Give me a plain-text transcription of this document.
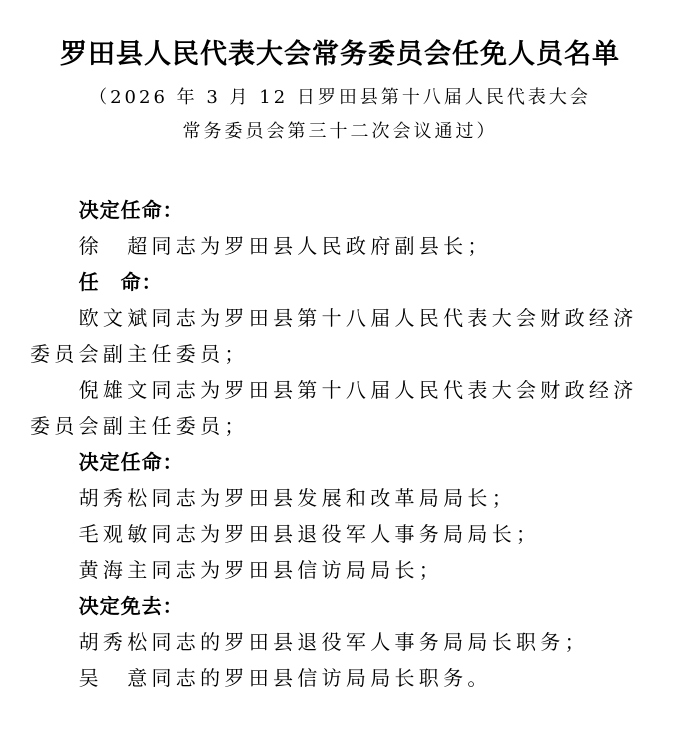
罗田县人民代表大会常务委员会任免人员名单
（2026 年 3 月 12 日罗田县第十八届人民代表大会
常务委员会第三十二次会议通过）

决定任命：

徐　超同志为罗田县人民政府副县长；

任　命：

欧文斌同志为罗田县第十八届人民代表大会财政经济委员会副主任委员；

倪雄文同志为罗田县第十八届人民代表大会财政经济委员会副主任委员；

决定任命：

胡秀松同志为罗田县发展和改革局局长；

毛观敏同志为罗田县退役军人事务局局长；

黄海主同志为罗田县信访局局长；

决定免去：

胡秀松同志的罗田县退役军人事务局局长职务；

吴　意同志的罗田县信访局局长职务。
